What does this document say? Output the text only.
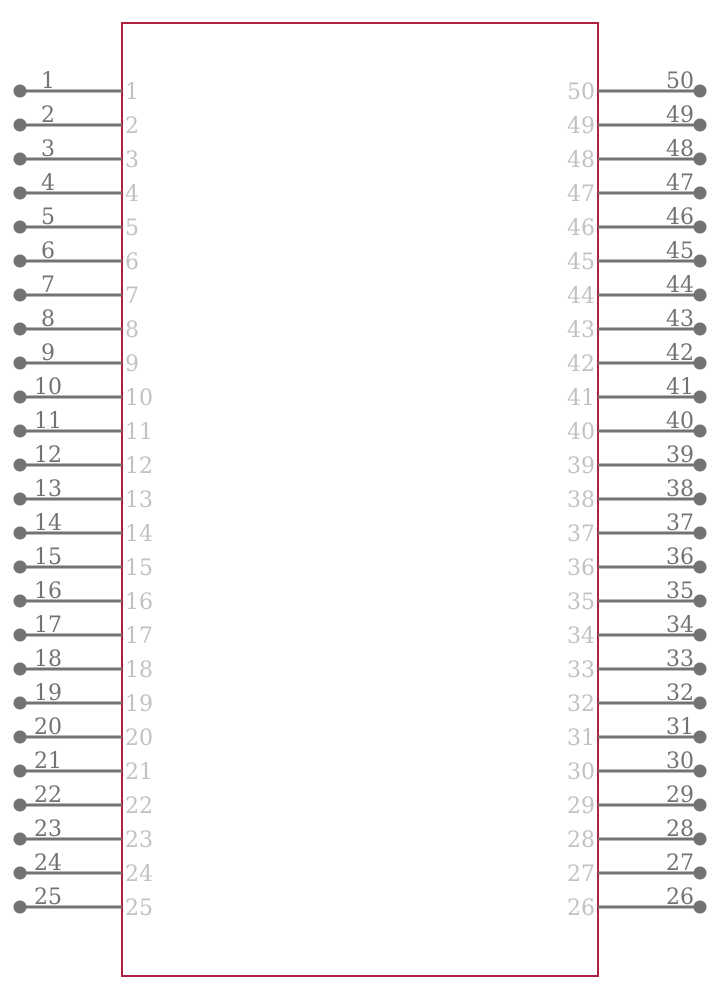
1	1
2	2
3	3
4	4
5	5
6	6
7	7
8	8
9	9
10	10
11	11
12	12
13	13
14	14
15	15
16	16
17	17
18	18
19	19
20	20
21	21
22	22
23	23
24	24
25	25
50
50
49
49
48
48
47
47
46
46
45
45
44
44
43
43
42
42
41
41
40
40
39
39
38
38
37
37
36
36
35
35
34
34
33
33
32
32
31
31
30
30
29
29
28
28
27
27
26
26
